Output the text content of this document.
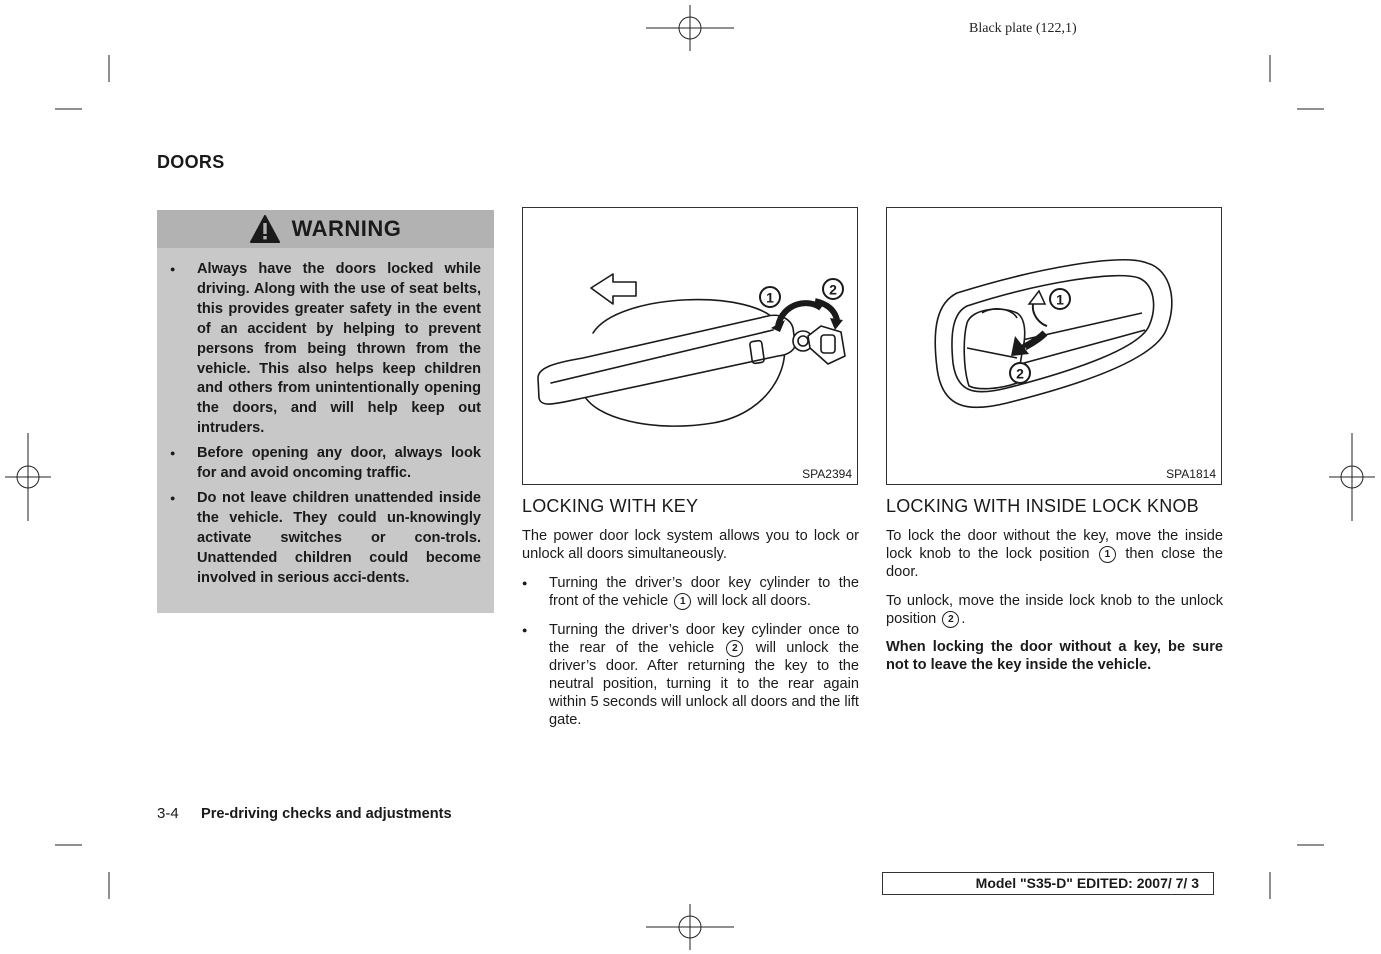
Black plate (122,1)
DOORS
WARNING
● Always have the doors locked while driving. Along with the use of seat belts, this provides greater safety in the event of an accident by helping to prevent persons from being thrown from the vehicle. This also helps keep children and others from unintentionally opening the doors, and will help keep out intruders.
● Before opening any door, always look for and avoid oncoming traffic.
● Do not leave children unattended inside the vehicle. They could un-knowingly activate switches or con-trols. Unattended children could become involved in serious acci-dents.
1	2
SPA2394
1
2
SPA1814
LOCKING WITH KEY

The power door lock system allows you to lock or unlock all doors simultaneously.

● Turning the driver’s door key cylinder to the front of the vehicle 1 will lock all doors.
● Turning the driver’s door key cylinder once to the rear of the vehicle 2 will unlock the driver’s door. After returning the key to the neutral position, turning it to the rear again within 5 seconds will unlock all doors and the lift gate.
LOCKING WITH INSIDE LOCK KNOB

To lock the door without the key, move the inside lock knob to the lock position 1 then close the door.

To unlock, move the inside lock knob to the unlock position 2 .

When locking the door without a key, be sure not to leave the key inside the vehicle.

3-4 Pre-driving checks and adjustments
Model "S35-D" EDITED: 2007/ 7/ 3
